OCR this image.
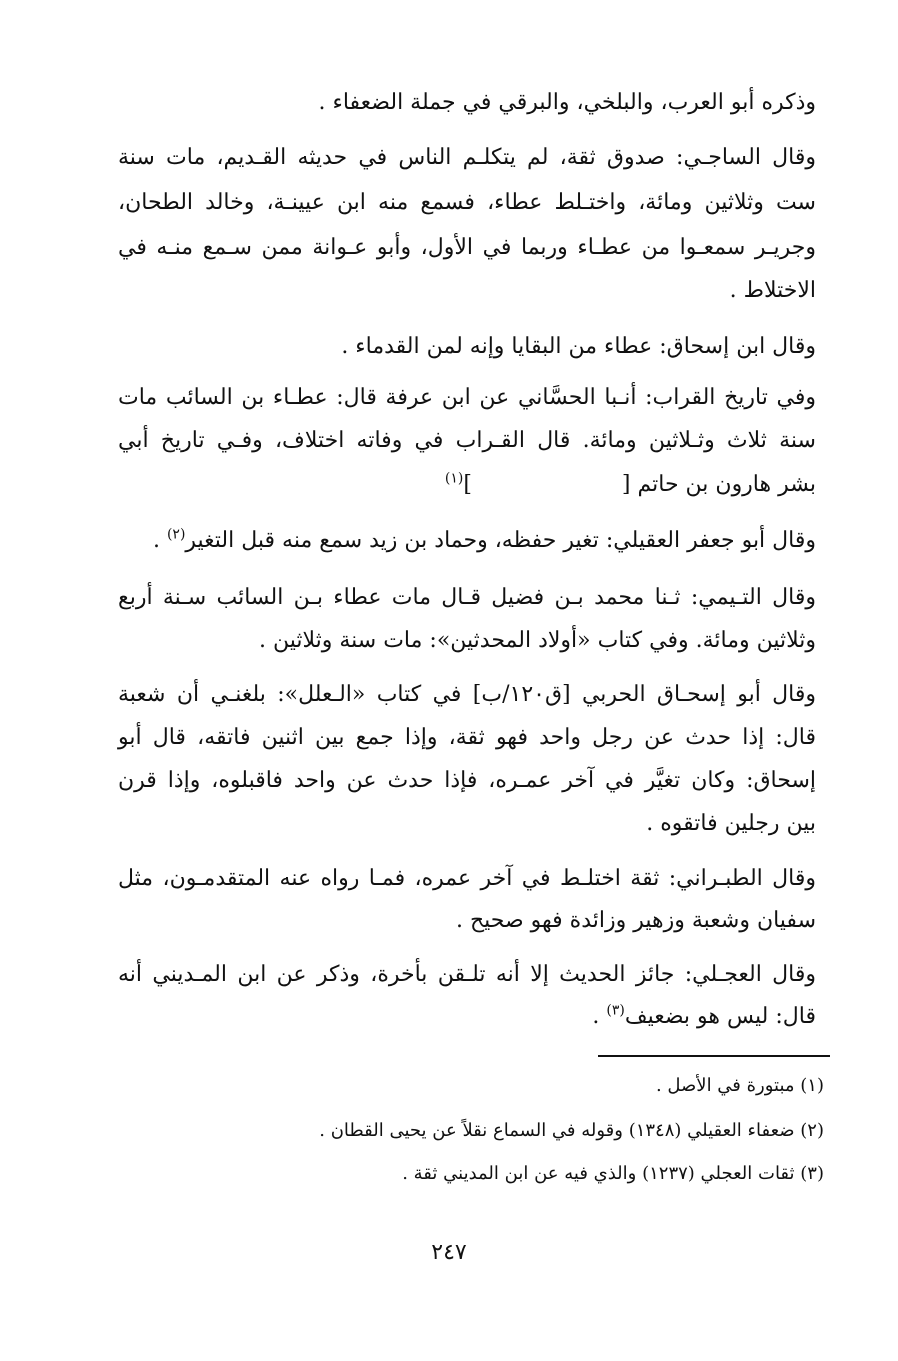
وذكره أبو العرب، والبلخي، والبرقي في جملة الضعفاء .
وقال الساجـي: صدوق ثقة، لم يتكلـم الناس في حديثه القـديم، مات سنة
ست وثلاثين ومائة، واختـلط عطاء، فسمع منه ابن عيينـة، وخالد الطحان،
وجريـر سمعـوا من عطـاء وربما في الأول، وأبو عـوانة ممن سـمع منـه في
الاختلاط .
وقال ابن إسحاق: عطاء من البقايا وإنه لمن القدماء .
وفي تاريخ القراب: أنـبا الحسَّاني عن ابن عرفة قال: عطـاء بن السائب مات
سنة ثلاث وثـلاثين ومائة. قال القـراب في وفاته اختلاف، وفـي تاريخ أبي
بشر هارون بن حاتم []$^{(١)}$
وقال أبو جعفر العقيلي: تغير حفظه، وحماد بن زيد سمع منه قبل التغير$^{(٢)}$ .
وقال التـيمي: ثـنا محمد بـن فضيل قـال مات عطاء بـن السائب سـنة أربع
وثلاثين ومائة. وفي كتاب «أولاد المحدثين»: مات سنة وثلاثين .
وقال أبو إسحـاق الحربي [ق١٢٠/ب] في كتاب «الـعلل»: بلغنـي أن شعبة
قال: إذا حدث عن رجل واحد فهو ثقة، وإذا جمع بين اثنين فاتقه، قال أبو
إسحاق: وكان تغيَّر في آخر عمـره، فإذا حدث عن واحد فاقبلوه، وإذا قرن
بين رجلين فاتقوه .
وقال الطبـراني: ثقة اختلـط في آخر عمره، فمـا رواه عنه المتقدمـون، مثل
سفيان وشعبة وزهير وزائدة فهو صحيح .
وقال العجـلي: جائز الحديث إلا أنه تلـقن بأخرة، وذكر عن ابن المـديني أنه
قال: ليس هو بضعيف$^{(٣)}$ .
(١) مبتورة في الأصل .
(٢) ضعفاء العقيلي (١٣٤٨) وقوله في السماع نقلاً عن يحيى القطان .
(٣) ثقات العجلي (١٢٣٧) والذي فيه عن ابن المديني ثقة .
٢٤٧
